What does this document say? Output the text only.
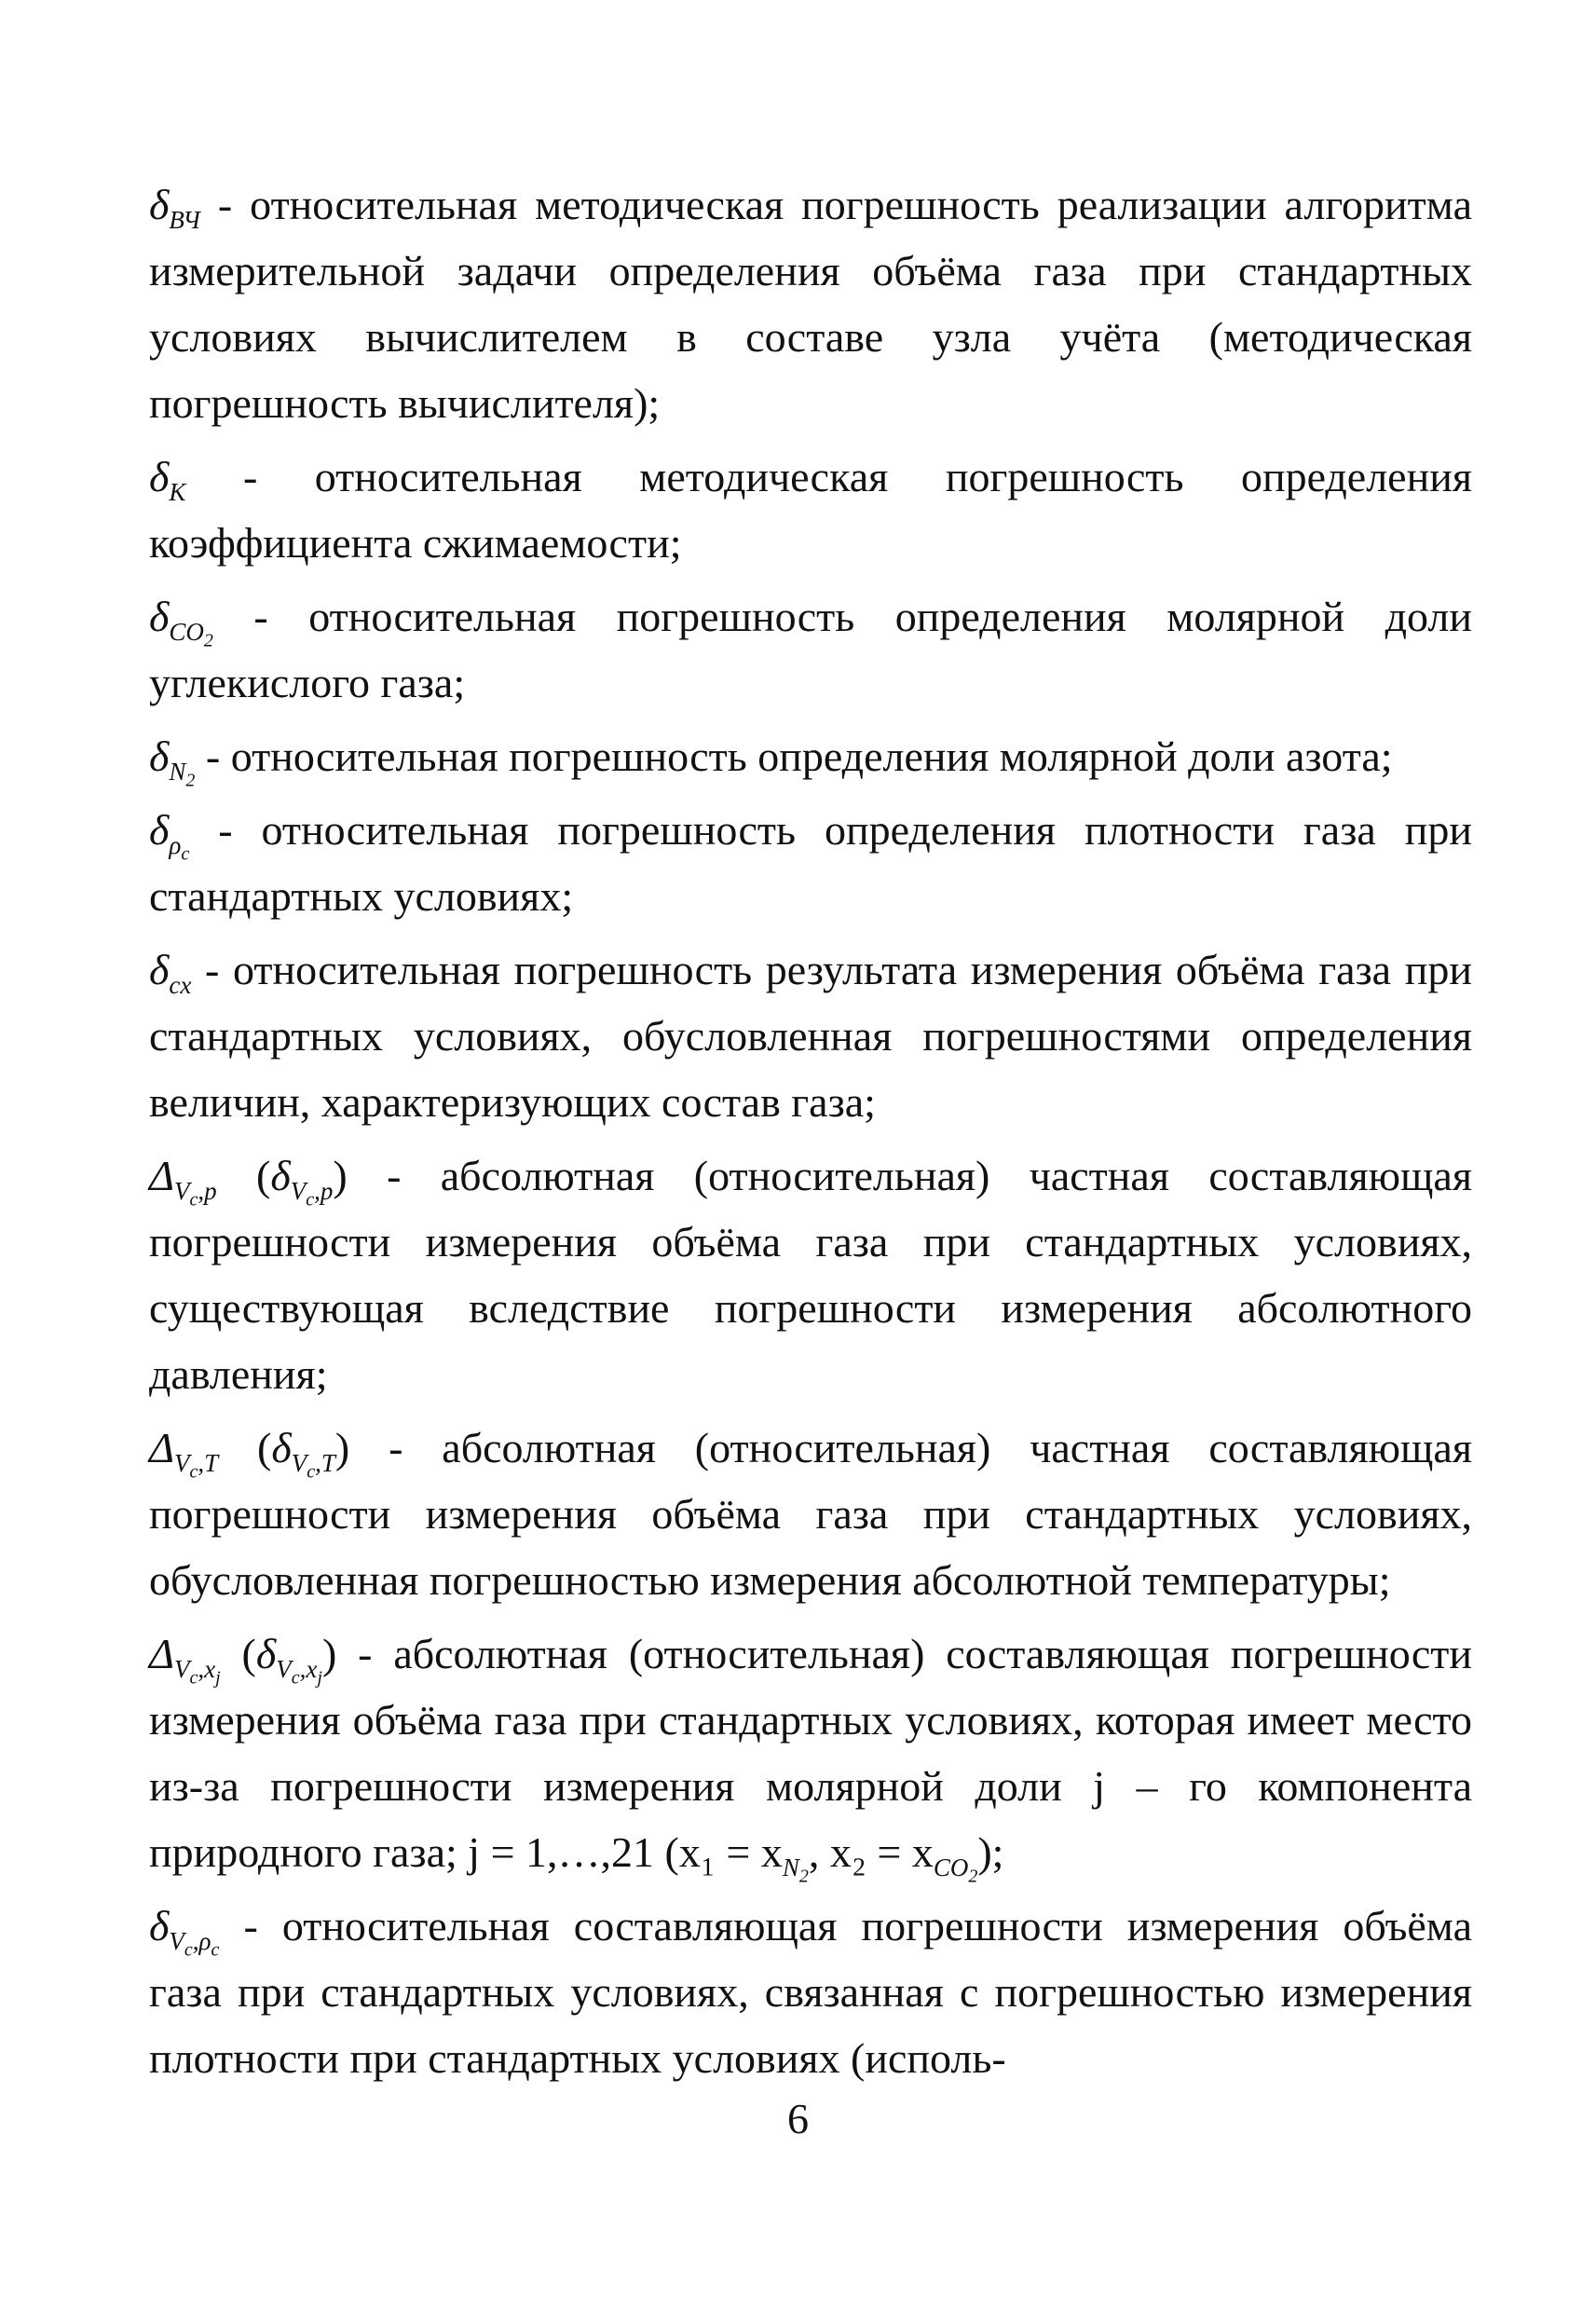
$\delta_{ВЧ}$ - относительная методическая погрешность реализации алгоритма измерительной задачи определения объёма газа при стандартных условиях вычислителем в составе узла учёта (методическая погрешность вычислителя);

$\delta_K$ - относительная методическая погрешность определения коэффициента сжимаемости;

$\delta_{CO_2}$ - относительная погрешность определения молярной доли углекислого газа;

$\delta_{N_2}$ - относительная погрешность определения молярной доли азота;

$\delta_{\rho_c}$ - относительная погрешность определения плотности газа при стандартных условиях;

$\delta_{cx}$ - относительная погрешность результата измерения объёма газа при стандартных условиях, обусловленная погрешностями определения величин, характеризующих состав газа;

$\Delta_{V_c,p}$ $(\delta_{V_c,p})$ - абсолютная (относительная) частная составляющая погрешности измерения объёма газа при стандартных условиях, существующая вследствие погрешности измерения абсолютного давления;

$\Delta_{V_c,T}$ $(\delta_{V_c,T})$ - абсолютная (относительная) частная составляющая погрешности измерения объёма газа при стандартных условиях, обусловленная погрешностью измерения абсолютной температуры;

$\Delta_{V_c,x_j}$ $(\delta_{V_c,x_j})$ - абсолютная (относительная) составляющая погрешности измерения объёма газа при стандартных условиях, которая имеет место из-за погрешности измерения молярной доли j – го компонента природного газа; j = 1,…,21 ($x_1 = x_{N_2}$, $x_2 = x_{CO_2}$);

$\delta_{V_c,\rho_c}$ - относительная составляющая погрешности измерения объёма газа при стандартных условиях, связанная с погрешностью измерения плотности при стандартных условиях (исполь-

6
